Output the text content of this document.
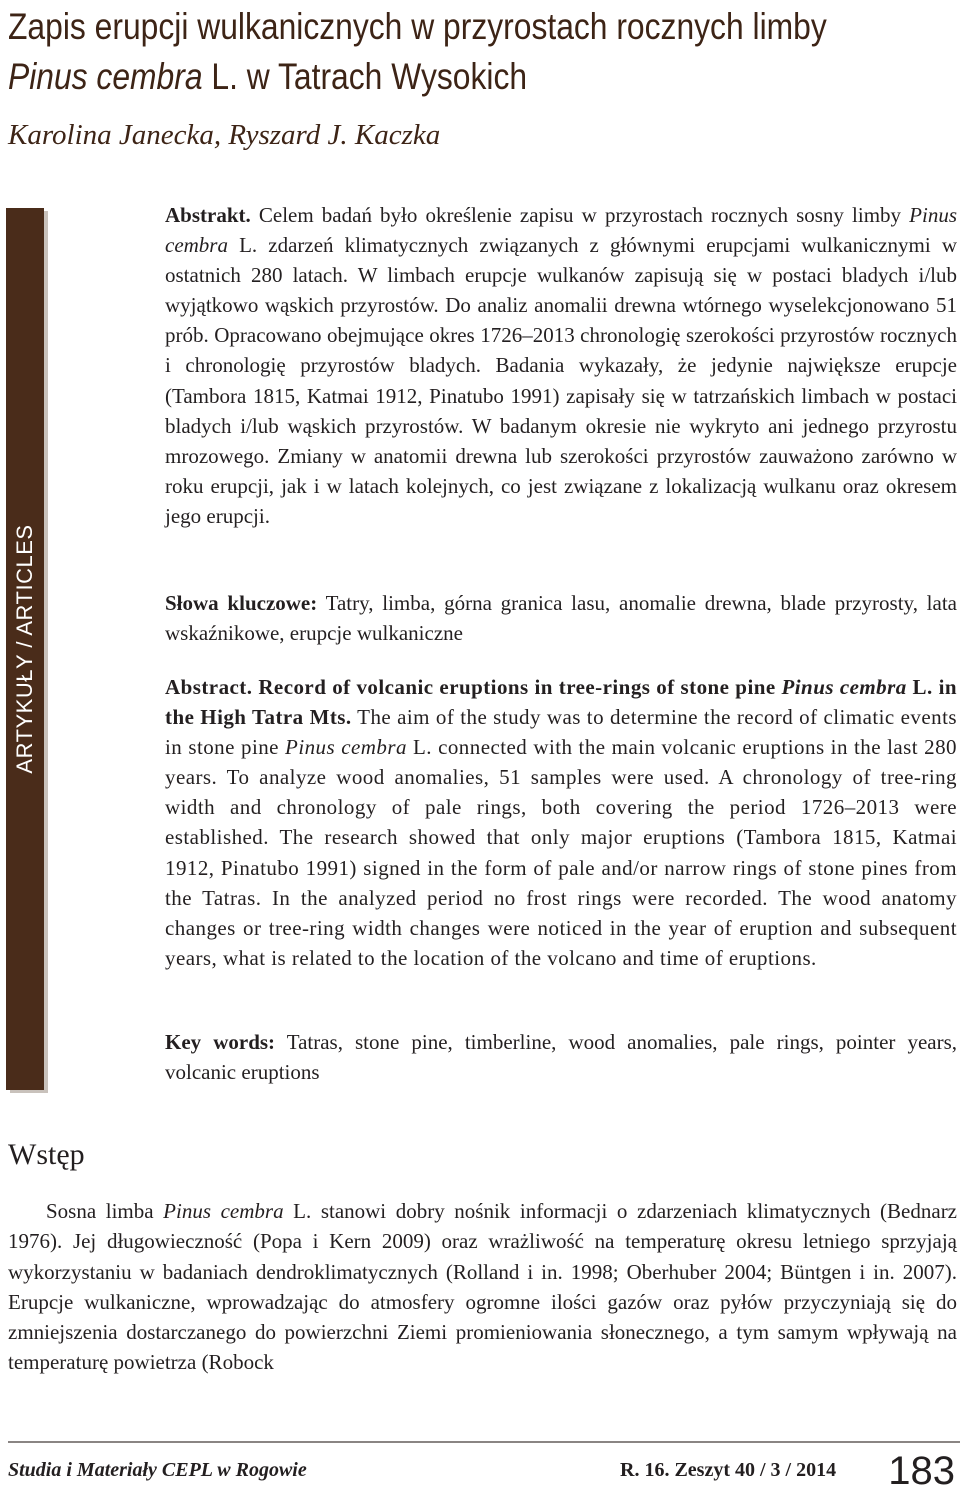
Zapis erupcji wulkanicznych w przyrostach rocznych limby
Pinus cembra L. w Tatrach Wysokich

Karolina Janecka, Ryszard J. Kaczka

ARTYKUŁY / ARTICLES

Abstrakt. Celem badań było określenie zapisu w przyrostach rocznych sosny limby Pinus cembra L. zdarzeń klimatycznych związanych z głównymi erupcjami wulkanicznymi w ostatnich 280 latach. W limbach erupcje wulkanów zapisują się w postaci bladych i/lub wyjątkowo wąskich przyrostów. Do analiz anomalii drewna wtórnego wyselekcjonowano 51 prób. Opracowano obejmujące okres 1726–2013 chronologię szerokości przyrostów rocznych i chronologię przyrostów bladych. Badania wykazały, że jedynie największe erupcje (Tambora 1815, Katmai 1912, Pinatubo 1991) zapisały się w tatrzańskich limbach w postaci bladych i/lub wąskich przyrostów. W badanym okresie nie wykryto ani jednego przyrostu mrozowego. Zmiany w anatomii drewna lub szerokości przyrostów zauważono zarówno w roku erupcji, jak i w latach kolejnych, co jest związane z lokalizacją wulkanu oraz okresem jego erupcji.

Słowa kluczowe: Tatry, limba, górna granica lasu, anomalie drewna, blade przyrosty, lata wskaźnikowe, erupcje wulkaniczne

Abstract. Record of volcanic eruptions in tree-rings of stone pine Pinus cembra L. in the High Tatra Mts. The aim of the study was to determine the record of climatic events in stone pine Pinus cembra L. connected with the main volcanic eruptions in the last 280 years. To analyze wood anomalies, 51 samples were used. A chronology of tree-ring width and chronology of pale rings, both covering the period 1726–2013 were established. The research showed that only major eruptions (Tambora 1815, Katmai 1912, Pinatubo 1991) signed in the form of pale and/or narrow rings of stone pines from the Tatras. In the analyzed period no frost rings were recorded. The wood anatomy changes or tree-ring width changes were noticed in the year of eruption and subsequent years, what is related to the location of the volcano and time of eruptions.

Key words: Tatras, stone pine, timberline, wood anomalies, pale rings, pointer years, volcanic eruptions

Wstęp

Sosna limba Pinus cembra L. stanowi dobry nośnik informacji o zdarzeniach klimatycznych (Bednarz 1976). Jej długowieczność (Popa i Kern 2009) oraz wrażliwość na temperaturę okresu letniego sprzyjają wykorzystaniu w badaniach dendroklimatycznych (Rolland i in. 1998; Oberhuber 2004; Büntgen i in. 2007). Erupcje wulkaniczne, wprowadzając do atmosfery ogromne ilości gazów oraz pyłów przyczyniają się do zmniejszenia dostarczanego do powierzchni Ziemi promieniowania słonecznego, a tym samym wpływają na temperaturę powietrza (Robock

Studia i Materiały CEPL w Rogowie	R. 16. Zeszyt 40 / 3 / 2014 183
